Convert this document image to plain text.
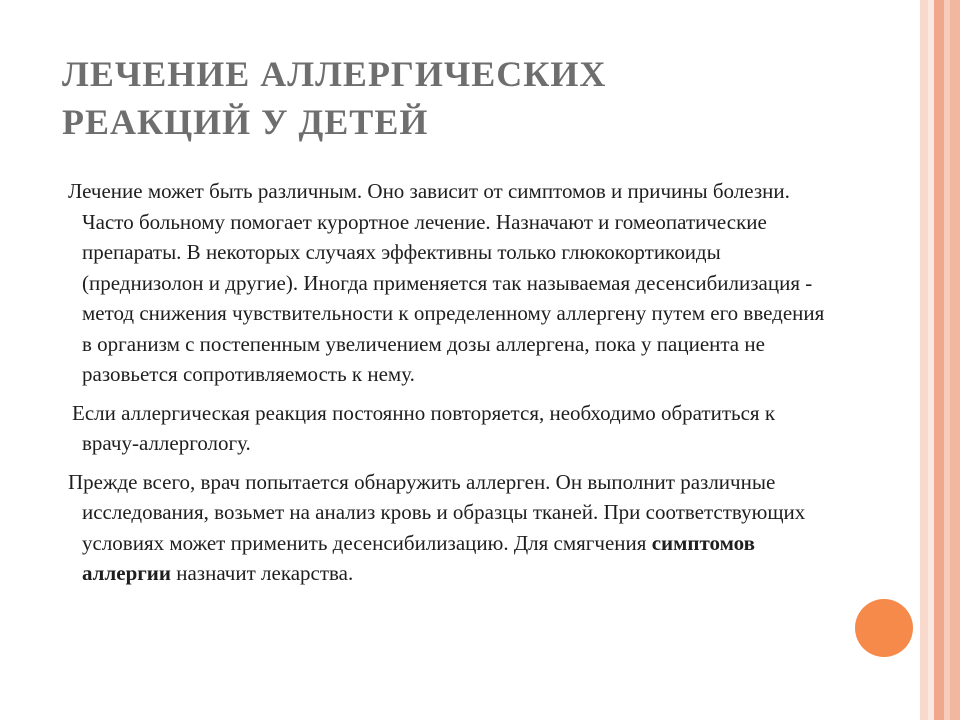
ЛЕЧЕНИЕ АЛЛЕРГИЧЕСКИХ
РЕАКЦИЙ У ДЕТЕЙ

Лечение может быть различным. Оно зависит от симптомов и причины болезни. Часто больному помогает курортное лечение. Назначают и гомеопатические препараты. В некоторых случаях эффективны только глюкокортикоиды (преднизолон и другие). Иногда применяется так называемая десенсибилизация - метод снижения чувствительности к определенному аллергену путем его введения в организм с постепенным увеличением дозы аллергена, пока у пациента не разовьется сопротивляемость к нему.

Если аллергическая реакция постоянно повторяется, необходимо обратиться к врачу-аллергологу.

Прежде всего, врач попытается обнаружить аллерген. Он выполнит различные исследования, возьмет на анализ кровь и образцы тканей. При соответствующих условиях может применить десенсибилизацию. Для смягчения симптомов аллергии назначит лекарства.
